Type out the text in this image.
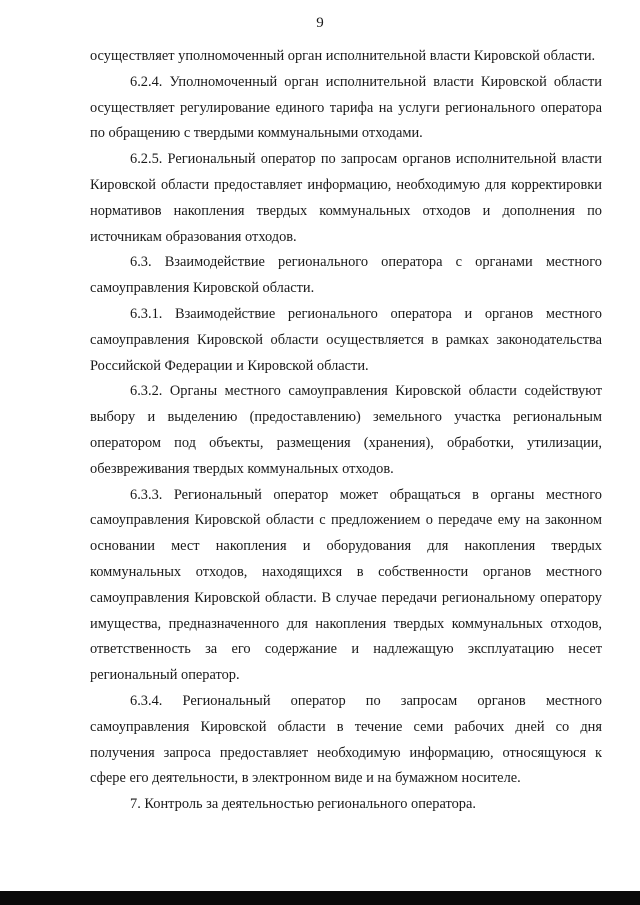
9

осуществляет уполномоченный орган исполнительной власти Кировской области.

6.2.4. Уполномоченный орган исполнительной власти Кировской области осуществляет регулирование единого тарифа на услуги регионального оператора по обращению с твердыми коммунальными отходами.

6.2.5. Региональный оператор по запросам органов исполнительной власти Кировской области предоставляет информацию, необходимую для корректировки нормативов накопления твердых коммунальных отходов и дополнения по источникам образования отходов.

6.3. Взаимодействие регионального оператора с органами местного самоуправления Кировской области.

6.3.1. Взаимодействие регионального оператора и органов местного самоуправления Кировской области осуществляется в рамках законодательства Российской Федерации и Кировской области.

6.3.2. Органы местного самоуправления Кировской области содействуют выбору и выделению (предоставлению) земельного участка региональным оператором под объекты, размещения (хранения), обработки, утилизации, обезвреживания твердых коммунальных отходов.

6.3.3. Региональный оператор может обращаться в органы местного самоуправления Кировской области с предложением о передаче ему на законном основании мест накопления и оборудования для накопления твердых коммунальных отходов, находящихся в собственности органов местного самоуправления Кировской области. В случае передачи региональному оператору имущества, предназначенного для накопления твердых коммунальных отходов, ответственность за его содержание и надлежащую эксплуатацию несет региональный оператор.

6.3.4. Региональный оператор по запросам органов местного самоуправления Кировской области в течение семи рабочих дней со дня получения запроса предоставляет необходимую информацию, относящуюся к сфере его деятельности, в электронном виде и на бумажном носителе.

7. Контроль за деятельностью регионального оператора.
